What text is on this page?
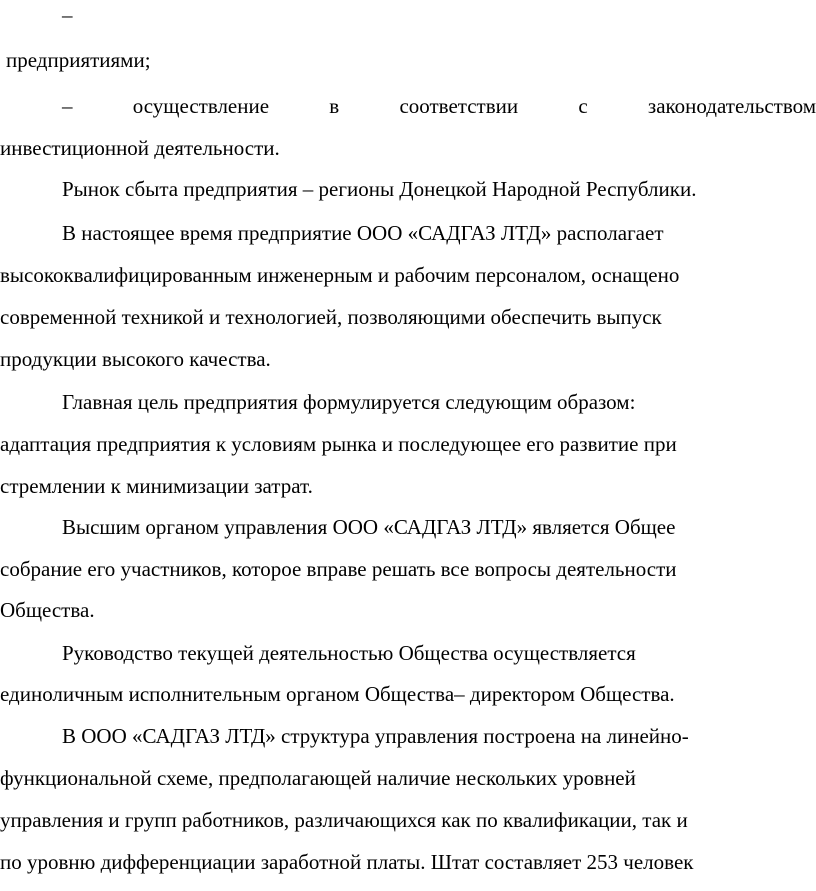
–
предприятиями;
–	осуществление	в	соответствии	с	законодательством
инвестиционной деятельности.
Рынок сбыта предприятия – регионы Донецкой Народной Республики.
В настоящее время предприятие ООО «САДГАЗ ЛТД» располагает
высококвалифицированным инженерным и рабочим персоналом, оснащено
современной техникой и технологией, позволяющими обеспечить выпуск
продукции высокого качества.
Главная цель предприятия формулируется следующим образом:
адаптация предприятия к условиям рынка и последующее его развитие при
стремлении к минимизации затрат.
Высшим органом управления ООО «САДГАЗ ЛТД» является Общее
собрание его участников, которое вправе решать все вопросы деятельности
Общества.
Руководство текущей деятельностью Общества осуществляется
единоличным исполнительным органом Общества– директором Общества.
В ООО «САДГАЗ ЛТД» структура управления построена на линейно-
функциональной схеме, предполагающей наличие нескольких уровней
управления и групп работников, различающихся как по квалификации, так и
по уровню дифференциации заработной платы. Штат составляет 253 человек
